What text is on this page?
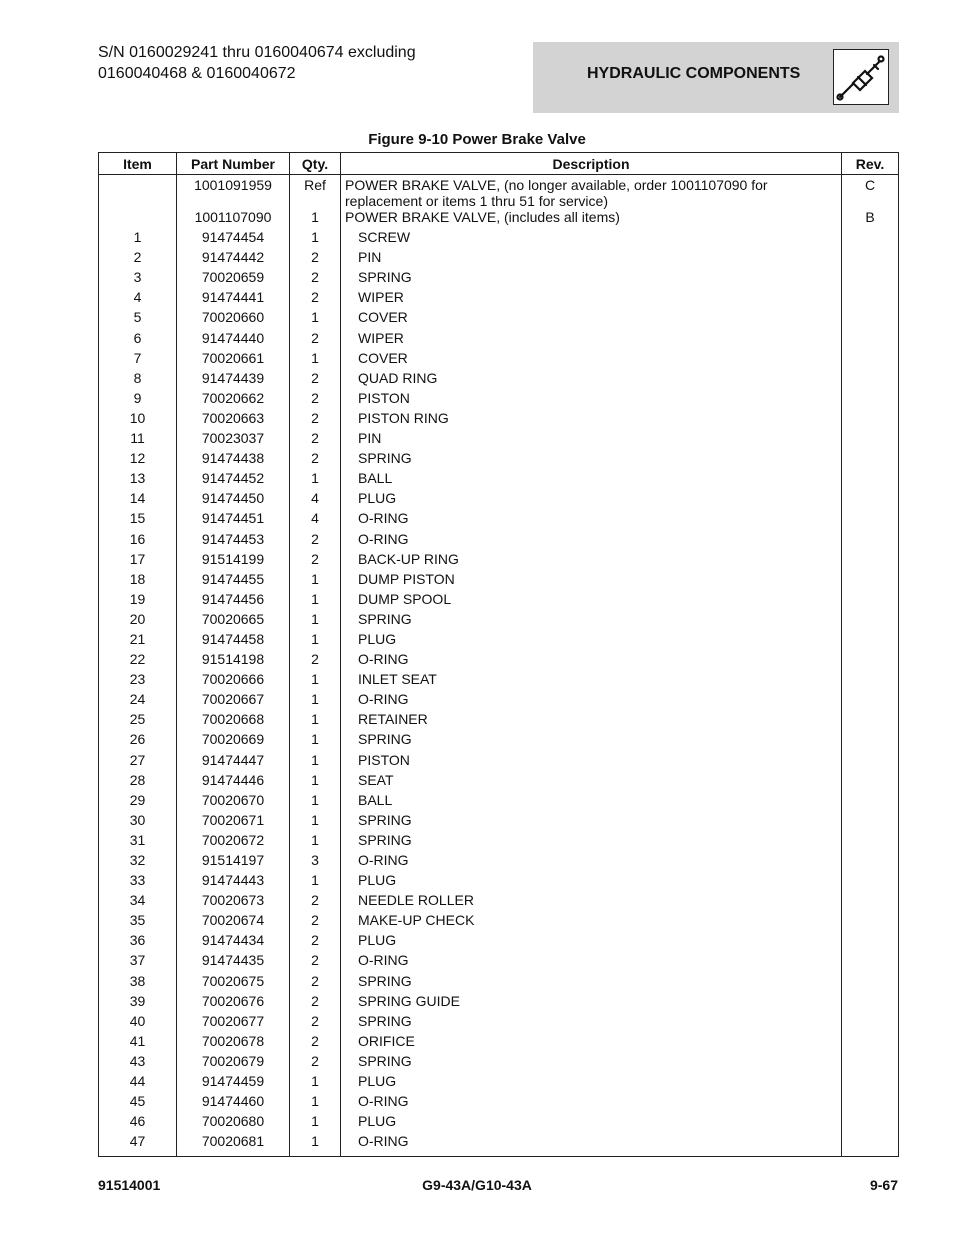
S/N 0160029241 thru 0160040674 excluding
0160040468 & 0160040672	HYDRAULIC COMPONENTS
Figure 9-10 Power Brake Valve
Item	Part Number	Qty.	Description	Rev.
	1001091959	Ref	POWER BRAKE VALVE, (no longer available, order 1001107090 for
replacement or items 1 thru 51 for service)	C
	1001107090	1	POWER BRAKE VALVE, (includes all items)	B
1	91474454	1	SCREW	
2	91474442	2	PIN	
3	70020659	2	SPRING	
4	91474441	2	WIPER	
5	70020660	1	COVER	
6	91474440	2	WIPER	
7	70020661	1	COVER	
8	91474439	2	QUAD RING	
9	70020662	2	PISTON	
10	70020663	2	PISTON RING	
11	70023037	2	PIN	
12	91474438	2	SPRING	
13	91474452	1	BALL	
14	91474450	4	PLUG	
15	91474451	4	O-RING	
16	91474453	2	O-RING	
17	91514199	2	BACK-UP RING	
18	91474455	1	DUMP PISTON	
19	91474456	1	DUMP SPOOL	
20	70020665	1	SPRING	
21	91474458	1	PLUG	
22	91514198	2	O-RING	
23	70020666	1	INLET SEAT	
24	70020667	1	O-RING	
25	70020668	1	RETAINER	
26	70020669	1	SPRING	
27	91474447	1	PISTON	
28	91474446	1	SEAT	
29	70020670	1	BALL	
30	70020671	1	SPRING	
31	70020672	1	SPRING	
32	91514197	3	O-RING	
33	91474443	1	PLUG	
34	70020673	2	NEEDLE ROLLER	
35	70020674	2	MAKE-UP CHECK	
36	91474434	2	PLUG	
37	91474435	2	O-RING	
38	70020675	2	SPRING	
39	70020676	2	SPRING GUIDE	
40	70020677	2	SPRING	
41	70020678	2	ORIFICE	
43	70020679	2	SPRING	
44	91474459	1	PLUG	
45	91474460	1	O-RING	
46	70020680	1	PLUG	
47	70020681	1	O-RING	
91514001	G9-43A/G10-43A	9-67
